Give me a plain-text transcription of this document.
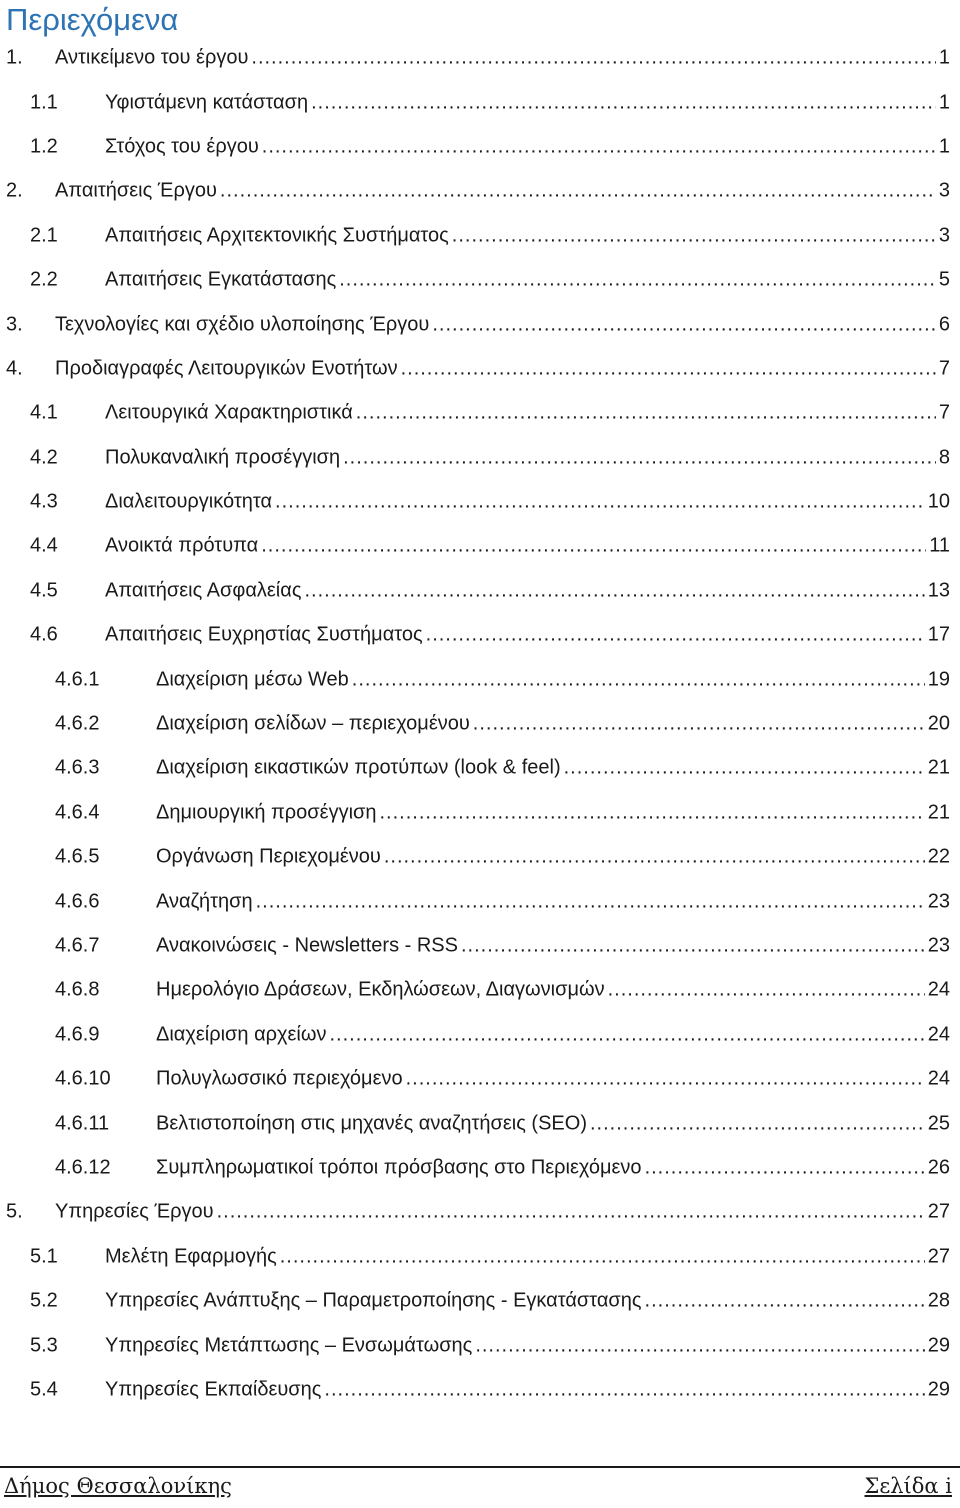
Περιεχόμενα
1. Αντικείμενο του έργου .....	1
1.1 Υφιστάμενη κατάσταση .....	1
1.2 Στόχος του έργου .....	1
2. Απαιτήσεις Έργου .....	3
2.1 Απαιτήσεις Αρχιτεκτονικής Συστήματος .....	3
2.2 Απαιτήσεις Εγκατάστασης .....	5
3. Τεχνολογίες και σχέδιο υλοποίησης Έργου .....	6
4. Προδιαγραφές Λειτουργικών Ενοτήτων .....	7
4.1 Λειτουργικά Χαρακτηριστικά .....	7
4.2 Πολυκαναλική προσέγγιση .....	8
4.3 Διαλειτουργικότητα .....	10
4.4 Ανοικτά πρότυπα .....	11
4.5 Απαιτήσεις Ασφαλείας .....	13
4.6 Απαιτήσεις Ευχρηστίας Συστήματος .....	17
4.6.1	Διαχείριση μέσω Web .....	19
4.6.2	Διαχείριση σελίδων – περιεχομένου .....	20
4.6.3	Διαχείριση εικαστικών προτύπων (look & feel) .....	21
4.6.4	Δημιουργική προσέγγιση .....	21
4.6.5	Οργάνωση Περιεχομένου .....	22
4.6.6	Αναζήτηση .....	23
4.6.7	Ανακοινώσεις - Newsletters - RSS .....	23
4.6.8	Ημερολόγιο Δράσεων, Εκδηλώσεων, Διαγωνισμών .....	24
4.6.9	Διαχείριση αρχείων .....	24
4.6.10 Πολυγλωσσικό περιεχόμενο .....	24
4.6.11 Βελτιστοποίηση στις μηχανές αναζητήσεις (SEO) .....	25
4.6.12 Συμπληρωματικοί τρόποι πρόσβασης στο Περιεχόμενο .....	26
5. Υπηρεσίες Έργου .....	27
5.1 Μελέτη Εφαρμογής .....	27
5.2 Υπηρεσίες Ανάπτυξης – Παραμετροποίησης - Εγκατάστασης .....	28
5.3 Υπηρεσίες Μετάπτωσης – Ενσωμάτωσης .....	29
5.4 Υπηρεσίες Εκπαίδευσης .....	29
Δήμος Θεσσαλονίκης	Σελίδα i
